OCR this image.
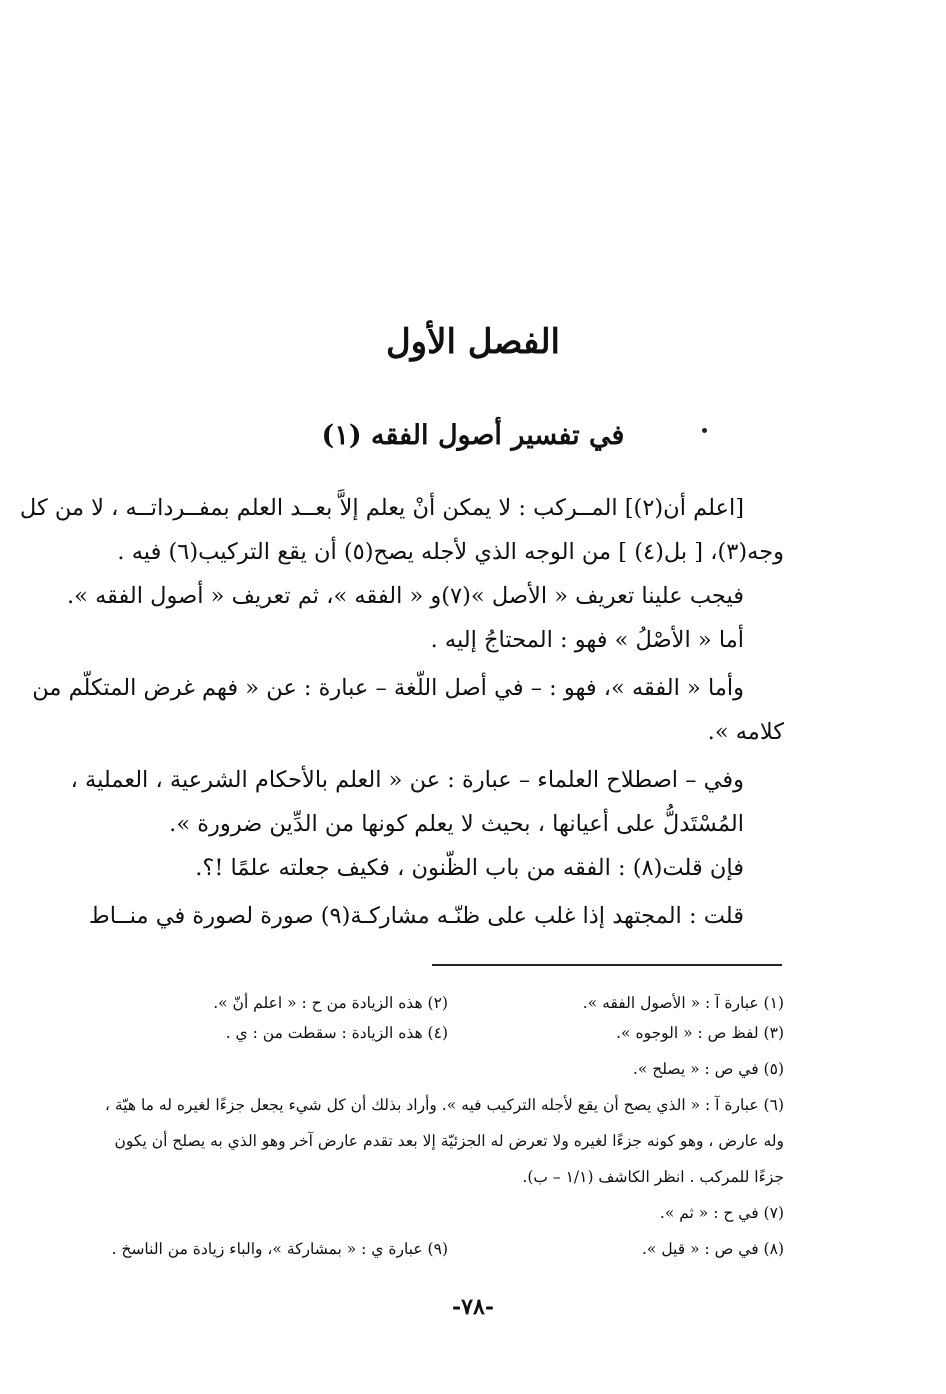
الفصل الأول
في تفسير أصول الفقه (١)

[اعلم أن(٢)] المــركب : لا يمكن أنْ يعلم إلاَّ بعــد العلم بمفــرداتــه ، لا من كل

وجه(٣)، [ بل(٤) ] من الوجه الذي لأجله يصح(٥) أن يقع التركيب(٦) فيه .

فيجب علينا تعريف « الأصل »(٧)و « الفقه »، ثم تعريف « أصول الفقه ».

أما « الأصْلُ » فهو : المحتاجُ إليه .

وأما « الفقه »، فهو : – في أصل اللّغة – عبارة : عن « فهم غرض المتكلّم من

كلامه ».

وفي – اصطلاح العلماء – عبارة : عن « العلم بالأحكام الشرعية ، العملية ،

المُسْتَدلُّ على أعيانها ، بحيث لا يعلم كونها من الدِّين ضرورة ».

فإن قلت(٨) : الفقه من باب الظّنون ، فكيف جعلته علمًا !؟.

قلت : المجتهد إذا غلب على ظنّـه مشاركـة(٩) صورة لصورة في منــاط

(١) عبارة آ : « الأصول الفقه ».
(٢) هذه الزيادة من ح : « اعلم أنّ ».
(٣) لفظ ص : « الوجوه ».
(٤) هذه الزيادة : سقطت من : ي .
(٥) في ص : « يصلح ».
(٦) عبارة آ : « الذي يصح أن يقع لأجله التركيب فيه ». وأراد بذلك أن كل شيء يجعل جزءًا لغيره له ما هيّة ،
وله عارض ، وهو كونه جزءًا لغيره ولا تعرض له الجزئيّة إلا بعد تقدم عارض آخر وهو الذي به يصلح أن يكون
جزءًا للمركب . انظر الكاشف (١/١ – ب).
(٧) في ح : « ثم ».
(٨) في ص : « قيل ».
(٩) عبارة ي : « بمشاركة »، والباء زيادة من الناسخ .
-٧٨-
